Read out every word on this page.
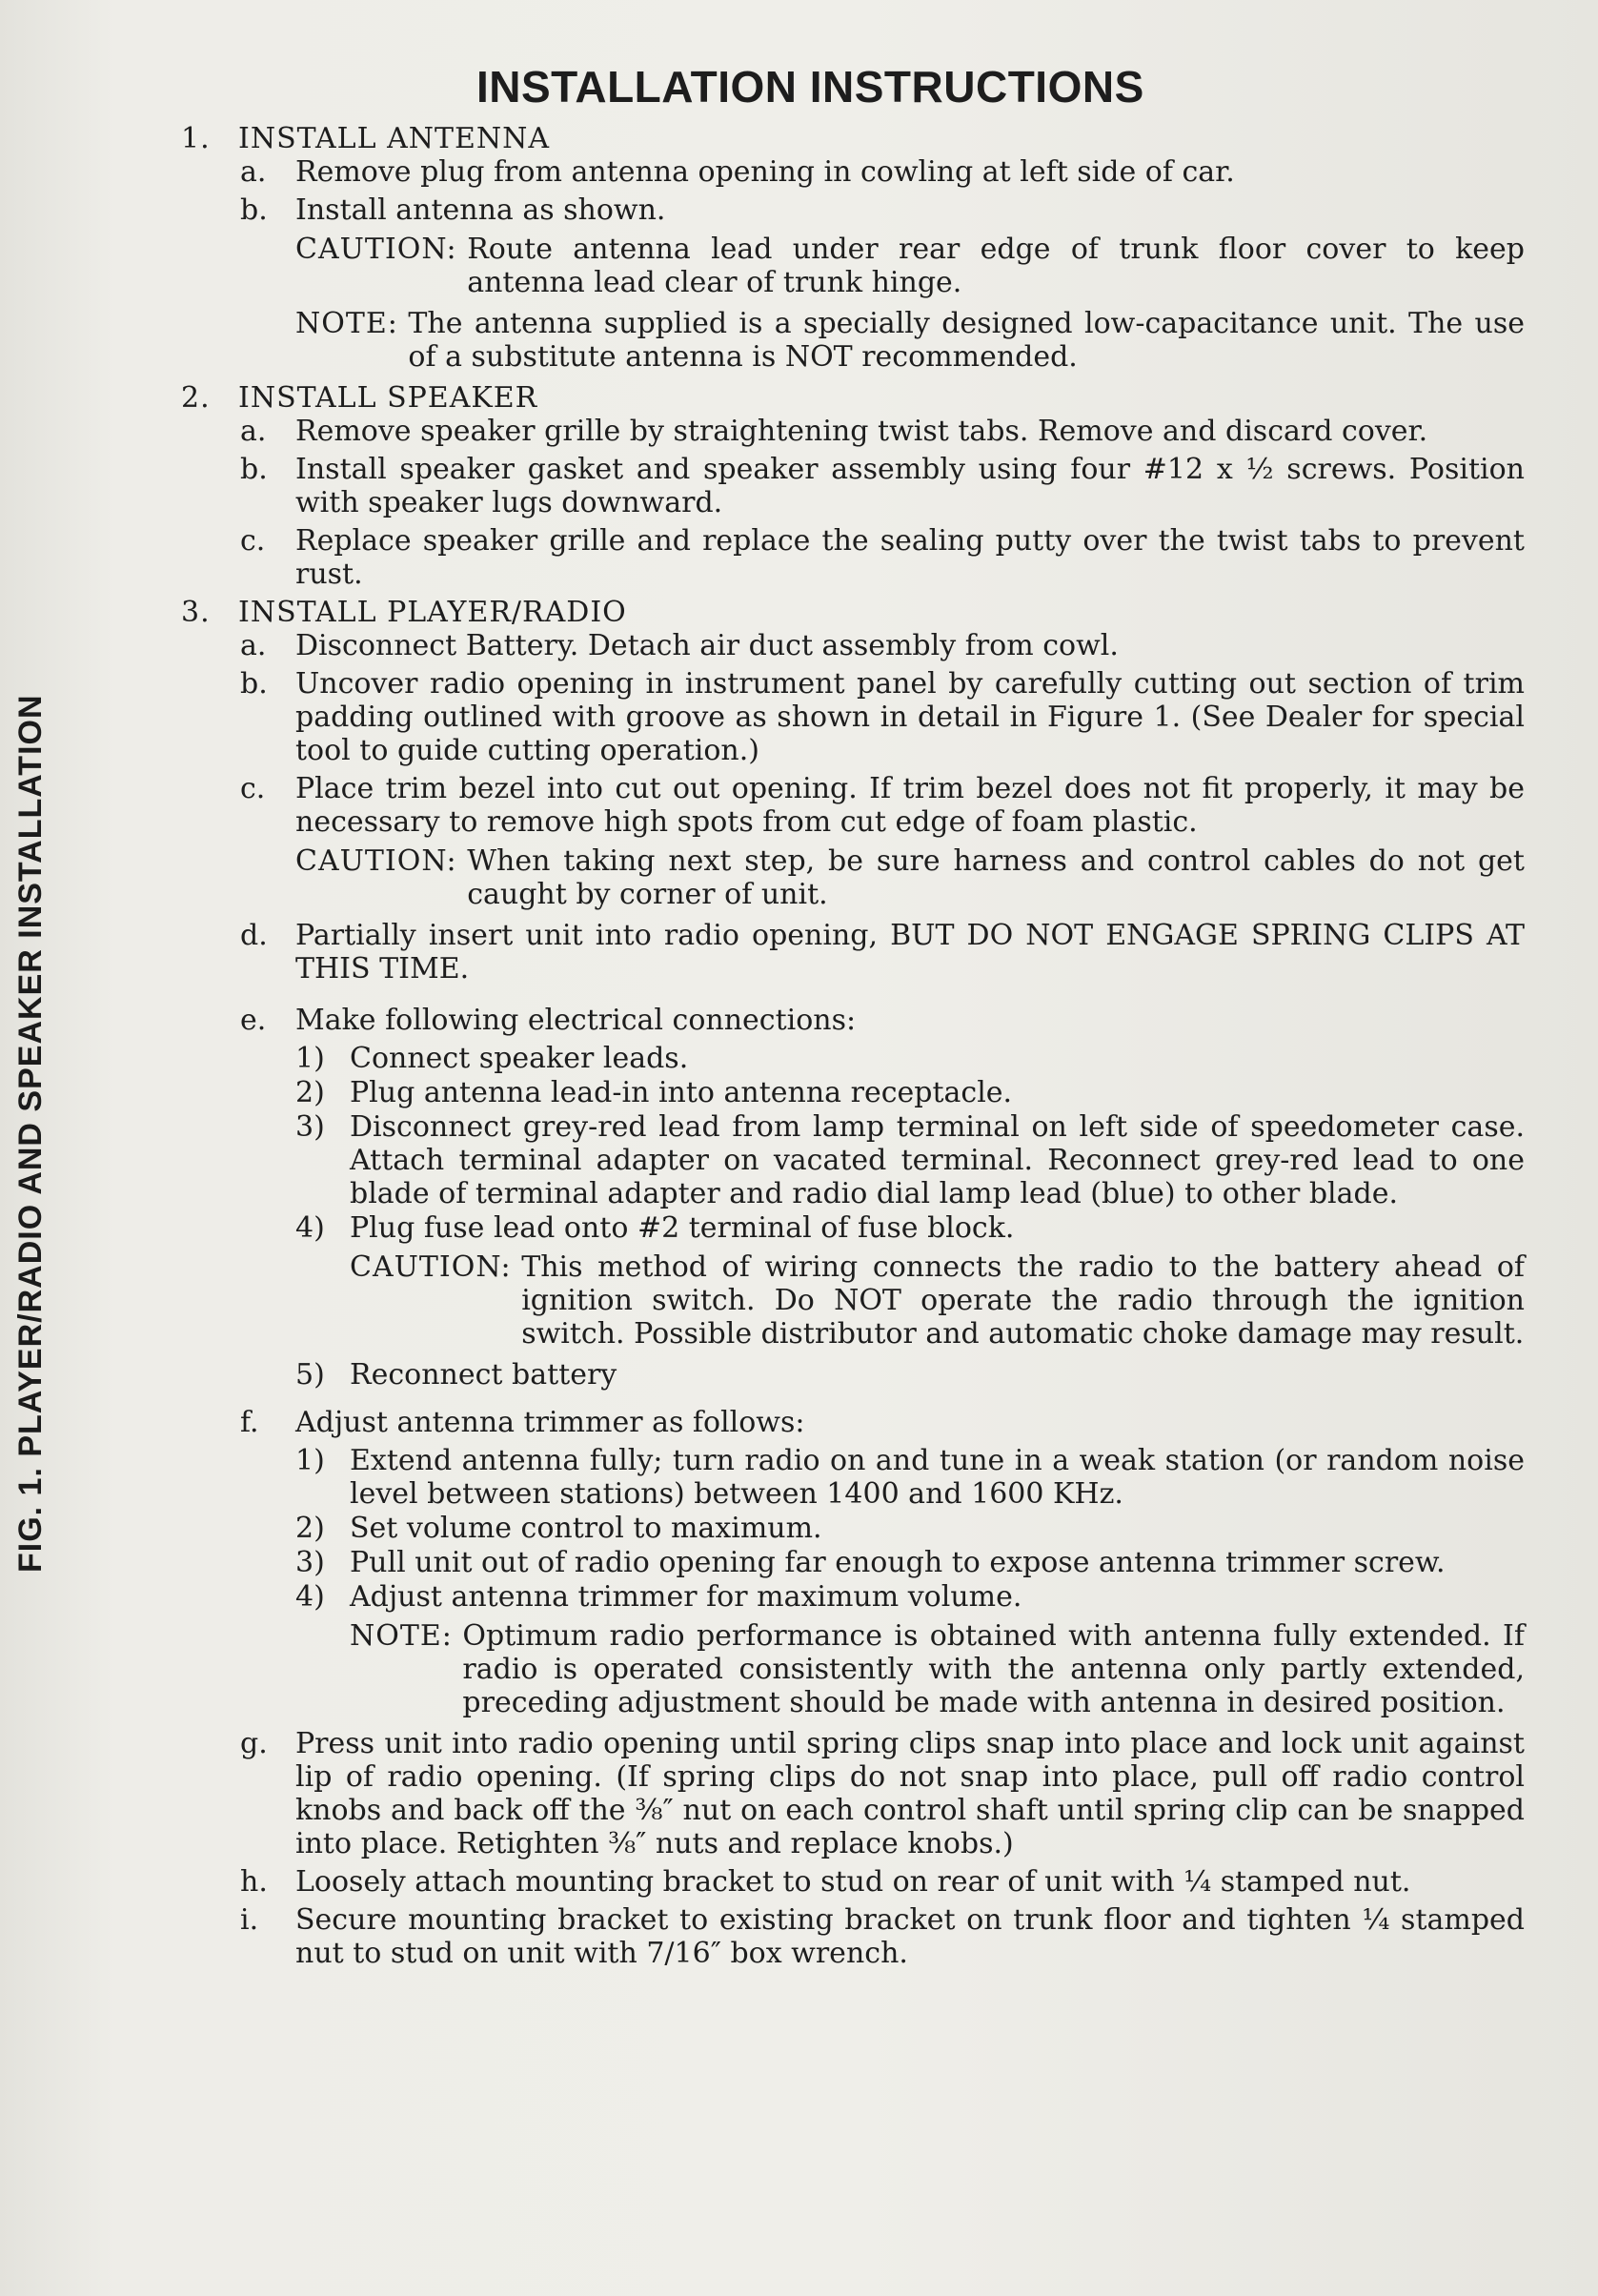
FIG. 1. PLAYER/RADIO AND SPEAKER INSTALLATION
INSTALLATION INSTRUCTIONS
1. INSTALL ANTENNA
a. Remove plug from antenna opening in cowling at left side of car.
b. Install antenna as shown.
CAUTION: Route antenna lead under rear edge of trunk floor cover to keep antenna lead clear of trunk hinge.
NOTE: The antenna supplied is a specially designed low-capacitance unit. The use of a substitute antenna is NOT recommended.
2. INSTALL SPEAKER
a. Remove speaker grille by straightening twist tabs. Remove and discard cover.
b. Install speaker gasket and speaker assembly using four #12 x ½ screws. Position with speaker lugs downward.
c. Replace speaker grille and replace the sealing putty over the twist tabs to prevent rust.
3. INSTALL PLAYER/RADIO
a. Disconnect Battery. Detach air duct assembly from cowl.
b. Uncover radio opening in instrument panel by carefully cutting out section of trim padding outlined with groove as shown in detail in Figure 1. (See Dealer for special tool to guide cutting operation.)
c. Place trim bezel into cut out opening. If trim bezel does not fit properly, it may be necessary to remove high spots from cut edge of foam plastic.
CAUTION: When taking next step, be sure harness and control cables do not get caught by corner of unit.
d. Partially insert unit into radio opening, BUT DO NOT ENGAGE SPRING CLIPS AT THIS TIME.
e. Make following electrical connections:
1) Connect speaker leads.
2) Plug antenna lead-in into antenna receptacle.
3) Disconnect grey-red lead from lamp terminal on left side of speedometer case. Attach terminal adapter on vacated terminal. Reconnect grey-red lead to one blade of terminal adapter and radio dial lamp lead (blue) to other blade.
4) Plug fuse lead onto #2 terminal of fuse block.
CAUTION: This method of wiring connects the radio to the battery ahead of ignition switch. Do NOT operate the radio through the ignition switch. Possible distributor and automatic choke damage may result.
5) Reconnect battery
f. Adjust antenna trimmer as follows:
1) Extend antenna fully; turn radio on and tune in a weak station (or random noise level between stations) between 1400 and 1600 KHz.
2) Set volume control to maximum.
3) Pull unit out of radio opening far enough to expose antenna trimmer screw.
4) Adjust antenna trimmer for maximum volume.
NOTE: Optimum radio performance is obtained with antenna fully extended. If radio is operated consistently with the antenna only partly extended, preceding adjustment should be made with antenna in desired position.
g. Press unit into radio opening until spring clips snap into place and lock unit against lip of radio opening. (If spring clips do not snap into place, pull off radio control knobs and back off the ⅜″ nut on each control shaft until spring clip can be snapped into place. Retighten ⅜″ nuts and replace knobs.)
h. Loosely attach mounting bracket to stud on rear of unit with ¼ stamped nut.
i. Secure mounting bracket to existing bracket on trunk floor and tighten ¼ stamped nut to stud on unit with 7/16″ box wrench.
